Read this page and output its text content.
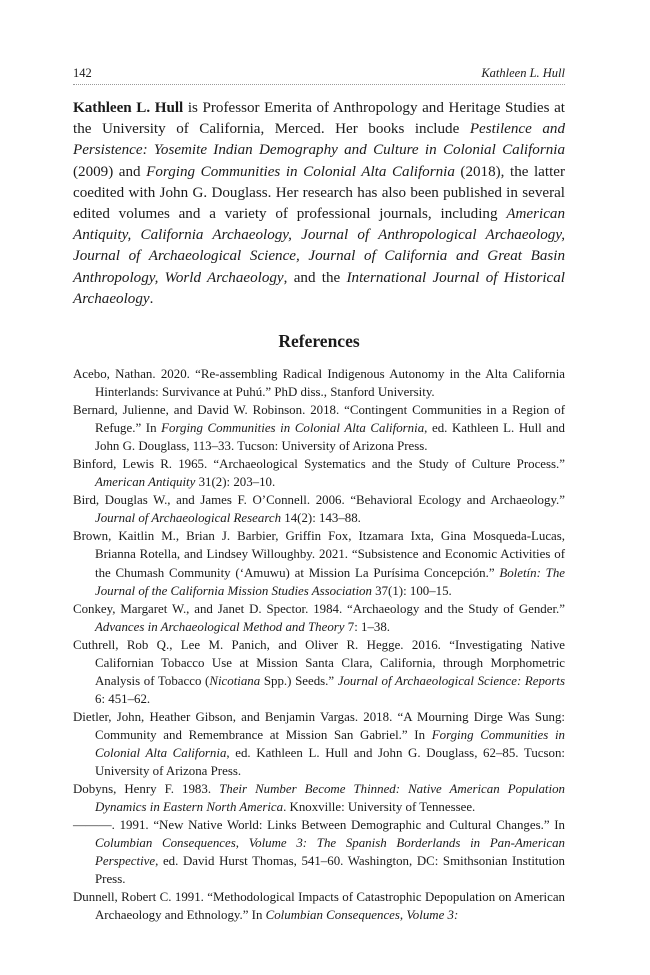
142	Kathleen L. Hull

Kathleen L. Hull is Professor Emerita of Anthropology and Heritage Studies at the University of California, Merced. Her books include Pestilence and Persistence: Yosemite Indian Demography and Culture in Colonial California (2009) and Forging Communities in Colonial Alta California (2018), the latter coedited with John G. Douglass. Her research has also been published in several edited volumes and a variety of professional journals, including American Antiquity, California Archaeology, Journal of Anthropological Archaeology, Journal of Archaeological Science, Journal of California and Great Basin Anthropology, World Archaeology, and the International Journal of Historical Archaeology.

References
Acebo, Nathan. 2020. “Re-assembling Radical Indigenous Autonomy in the Alta California Hinterlands: Survivance at Puhú.” PhD diss., Stanford University.
Bernard, Julienne, and David W. Robinson. 2018. “Contingent Communities in a Region of Refuge.” In Forging Communities in Colonial Alta California, ed. Kathleen L. Hull and John G. Douglass, 113–33. Tucson: University of Arizona Press.
Binford, Lewis R. 1965. “Archaeological Systematics and the Study of Culture Process.” American Antiquity 31(2): 203–10.
Bird, Douglas W., and James F. O’Connell. 2006. “Behavioral Ecology and Archaeology.” Journal of Archaeological Research 14(2): 143–88.
Brown, Kaitlin M., Brian J. Barbier, Griffin Fox, Itzamara Ixta, Gina Mosqueda-Lucas, Brianna Rotella, and Lindsey Willoughby. 2021. “Subsistence and Economic Activities of the Chumash Community (‘Amuwu) at Mission La Purísima Concepción.” Boletín: The Journal of the California Mission Studies Association 37(1): 100–15.
Conkey, Margaret W., and Janet D. Spector. 1984. “Archaeology and the Study of Gender.” Advances in Archaeological Method and Theory 7: 1–38.
Cuthrell, Rob Q., Lee M. Panich, and Oliver R. Hegge. 2016. “Investigating Native Californian Tobacco Use at Mission Santa Clara, California, through Morphometric Analysis of Tobacco (Nicotiana Spp.) Seeds.” Journal of Archaeological Science: Reports 6: 451–62.
Dietler, John, Heather Gibson, and Benjamin Vargas. 2018. “A Mourning Dirge Was Sung: Community and Remembrance at Mission San Gabriel.” In Forging Communities in Colonial Alta California, ed. Kathleen L. Hull and John G. Douglass, 62–85. Tucson: University of Arizona Press.
Dobyns, Henry F. 1983. Their Number Become Thinned: Native American Population Dynamics in Eastern North America. Knoxville: University of Tennessee.
———. 1991. “New Native World: Links Between Demographic and Cultural Changes.” In Columbian Consequences, Volume 3: The Spanish Borderlands in Pan-American Perspective, ed. David Hurst Thomas, 541–60. Washington, DC: Smithsonian Institution Press.
Dunnell, Robert C. 1991. “Methodological Impacts of Catastrophic Depopulation on American Archaeology and Ethnology.” In Columbian Consequences, Volume 3:
